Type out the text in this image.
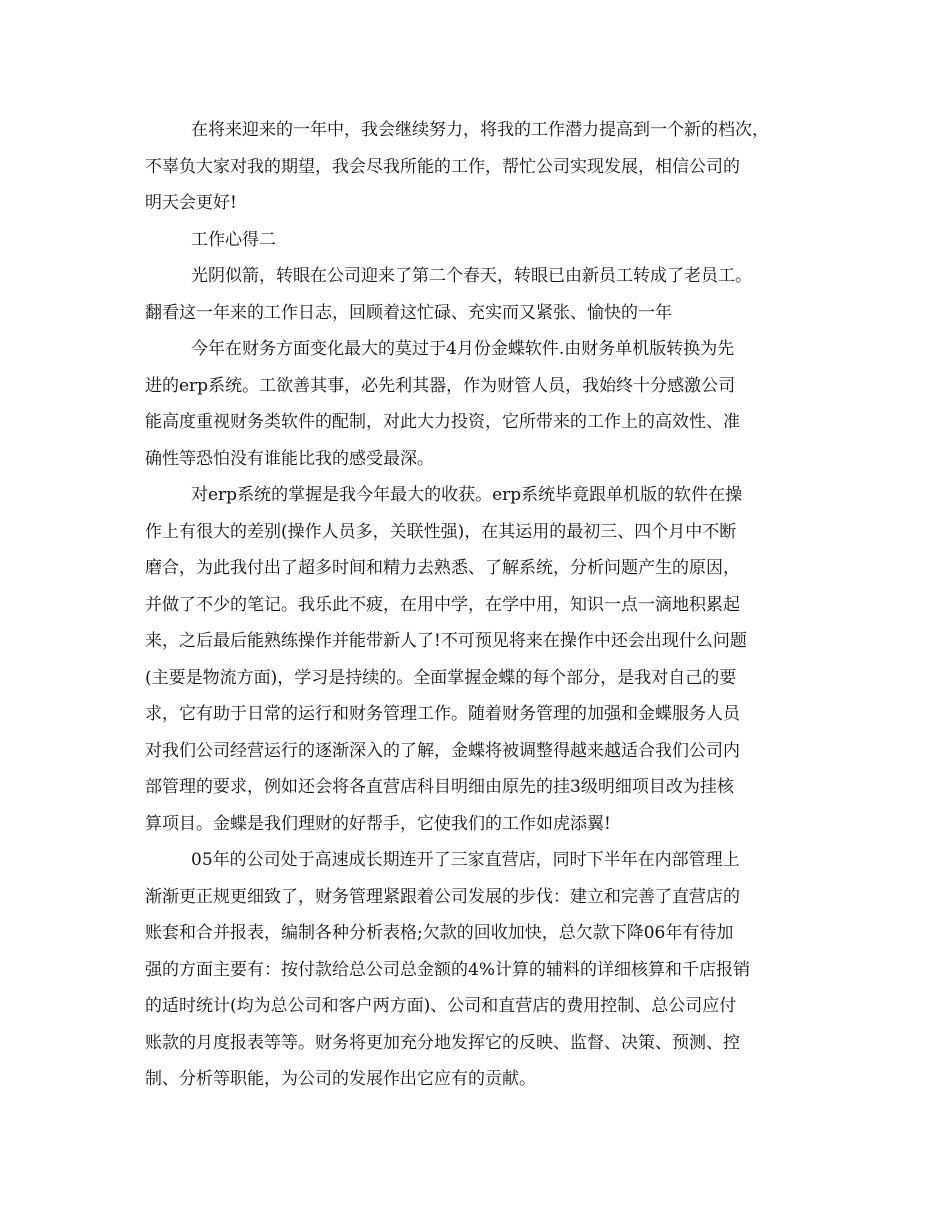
在将来迎来的一年中，我会继续努力，将我的工作潜力提高到一个新的档次，
不辜负大家对我的期望，我会尽我所能的工作，帮忙公司实现发展，相信公司的
明天会更好!
工作心得二
光阴似箭，转眼在公司迎来了第二个春天，转眼已由新员工转成了老员工。
翻看这一年来的工作日志，回顾着这忙碌、充实而又紧张、愉快的一年
今年在财务方面变化最大的莫过于4月份金蝶软件.由财务单机版转换为先
进的erp系统。工欲善其事，必先利其器，作为财管人员，我始终十分感激公司
能高度重视财务类软件的配制，对此大力投资，它所带来的工作上的高效性、准
确性等恐怕没有谁能比我的感受最深。
对erp系统的掌握是我今年最大的收获。erp系统毕竟跟单机版的软件在操
作上有很大的差别(操作人员多，关联性强)，在其运用的最初三、四个月中不断
磨合，为此我付出了超多时间和精力去熟悉、了解系统，分析问题产生的原因，
并做了不少的笔记。我乐此不疲，在用中学，在学中用，知识一点一滴地积累起
来，之后最后能熟练操作并能带新人了!不可预见将来在操作中还会出现什么问题
(主要是物流方面)，学习是持续的。全面掌握金蝶的每个部分，是我对自己的要
求，它有助于日常的运行和财务管理工作。随着财务管理的加强和金蝶服务人员
对我们公司经营运行的逐渐深入的了解，金蝶将被调整得越来越适合我们公司内
部管理的要求，例如还会将各直营店科目明细由原先的挂3级明细项目改为挂核
算项目。金蝶是我们理财的好帮手，它使我们的工作如虎添翼!
05年的公司处于高速成长期连开了三家直营店，同时下半年在内部管理上
渐渐更正规更细致了，财务管理紧跟着公司发展的步伐：建立和完善了直营店的
账套和合并报表，编制各种分析表格;欠款的回收加快，总欠款下降06年有待加
强的方面主要有：按付款给总公司总金额的4%计算的辅料的详细核算和千店报销
的适时统计(均为总公司和客户两方面)、公司和直营店的费用控制、总公司应付
账款的月度报表等等。财务将更加充分地发挥它的反映、监督、决策、预测、控
制、分析等职能，为公司的发展作出它应有的贡献。
